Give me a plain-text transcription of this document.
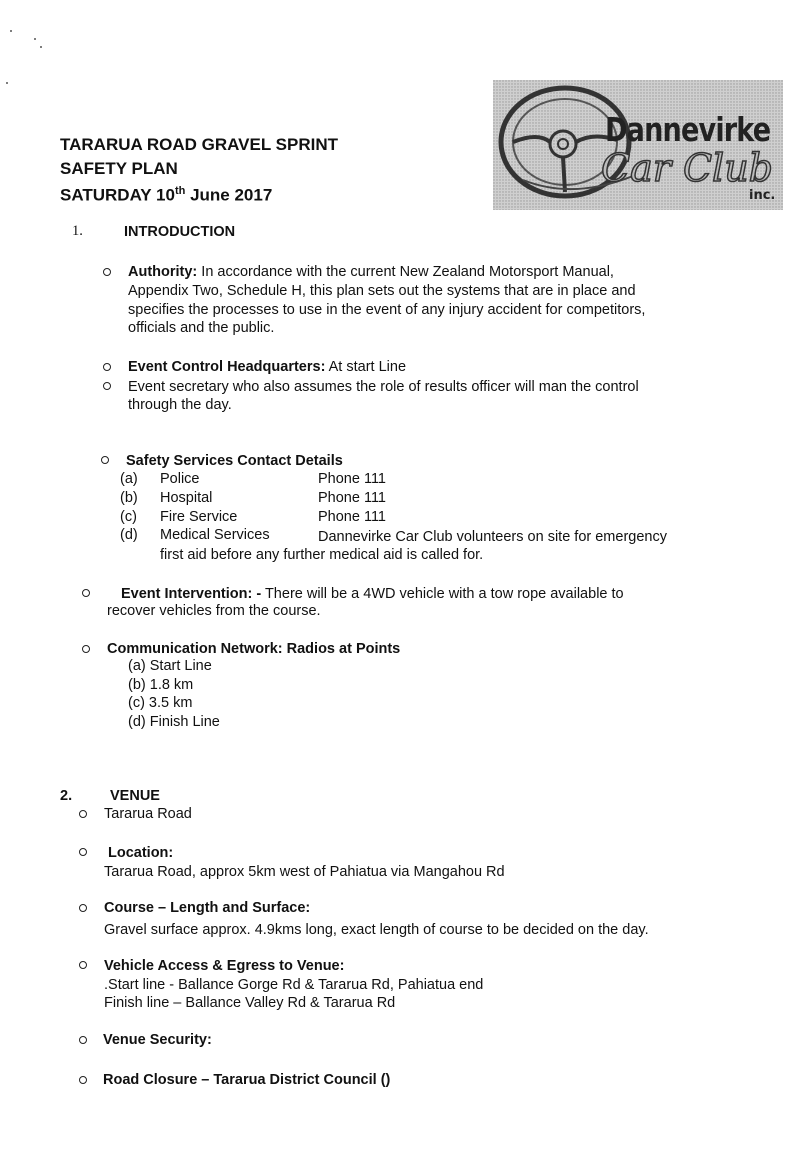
TARARUA ROAD GRAVEL SPRINT
SAFETY PLAN
SATURDAY 10th June 2017
Dannevirke
Car Club
inc.
1.	INTRODUCTION
Authority: In accordance with the current New Zealand Motorsport Manual,
Appendix Two, Schedule H, this plan sets out the systems that are in place and
specifies the processes to use in the event of any injury accident for competitors,
officials and the public.
Event Control Headquarters: At start Line
Event secretary who also assumes the role of results officer will man the control
through the day.
Safety Services Contact Details
(a) Police	Phone 111
(b) Hospital	Phone 111
(c) Fire Service	Phone 111
(d) Medical Services	Dannevirke Car Club volunteers on site for emergency
first aid before any further medical aid is called for.
Event Intervention: - There will be a 4WD vehicle with a tow rope available to
recover vehicles from the course.
Communication Network: Radios at Points
(a) Start Line
(b) 1.8 km
(c) 3.5 km
(d) Finish Line
2.	VENUE
Tararua Road
Location:
Tararua Road, approx 5km west of Pahiatua via Mangahou Rd
Course – Length and Surface:
Gravel surface approx. 4.9kms long, exact length of course to be decided on the day.
Vehicle Access & Egress to Venue:
.Start line - Ballance Gorge Rd & Tararua Rd, Pahiatua end
Finish line – Ballance Valley Rd & Tararua Rd
Venue Security:
Road Closure – Tararua District Council ()
